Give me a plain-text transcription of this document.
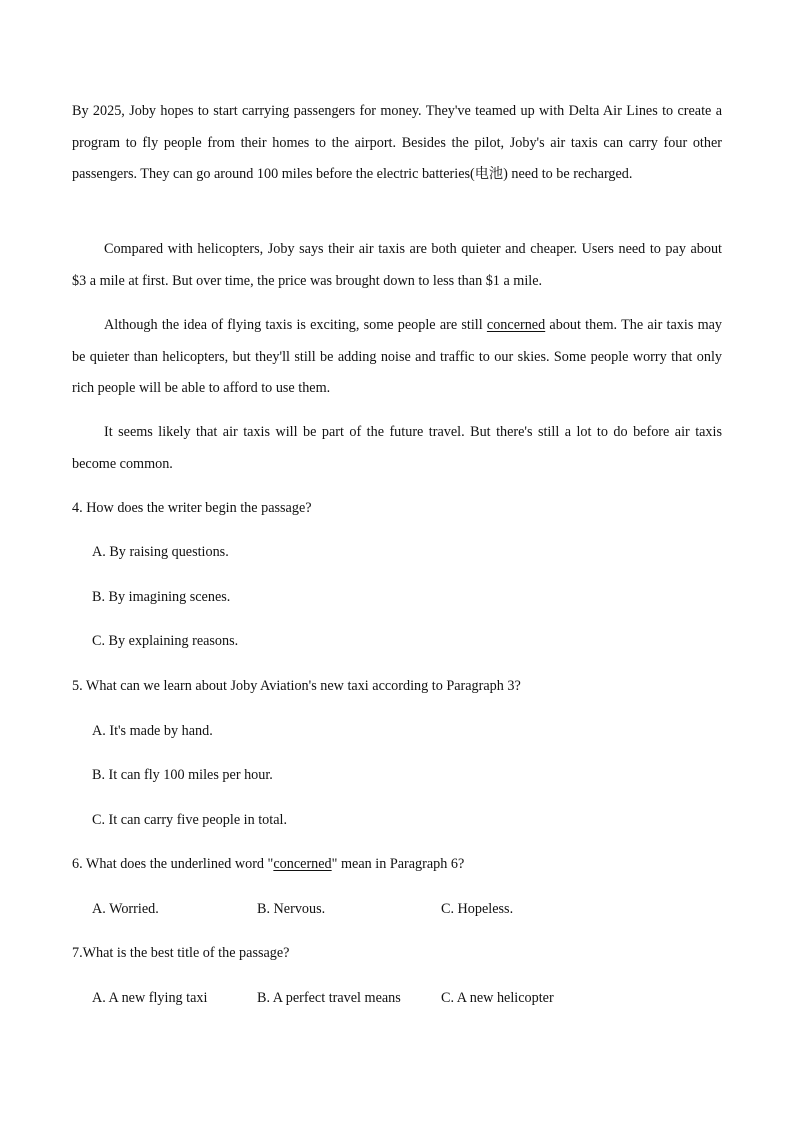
By 2025, Joby hopes to start carrying passengers for money. They've teamed up with Delta Air Lines to create a program to fly people from their homes to the airport. Besides the pilot, Joby's air taxis can carry four other passengers. They can go around 100 miles before the electric batteries(电池) need to be recharged.
Compared with helicopters, Joby says their air taxis are both quieter and cheaper. Users need to pay about $3 a mile at first. But over time, the price was brought down to less than $1 a mile.
Although the idea of flying taxis is exciting, some people are still concerned about them. The air taxis may be quieter than helicopters, but they'll still be adding noise and traffic to our skies. Some people worry that only rich people will be able to afford to use them.
It seems likely that air taxis will be part of the future travel. But there's still a lot to do before air taxis become common.
4. How does the writer begin the passage?
A. By raising questions.
B. By imagining scenes.
C. By explaining reasons.
5. What can we learn about Joby Aviation's new taxi according to Paragraph 3?
A. It's made by hand.
B. It can fly 100 miles per hour.
C. It can carry five people in total.
6. What does the underlined word "concerned" mean in Paragraph 6?
A. Worried.	B. Nervous.	C. Hopeless.
7.What is the best title of the passage?
A. A new flying taxi	B. A perfect travel means	C. A new helicopter
